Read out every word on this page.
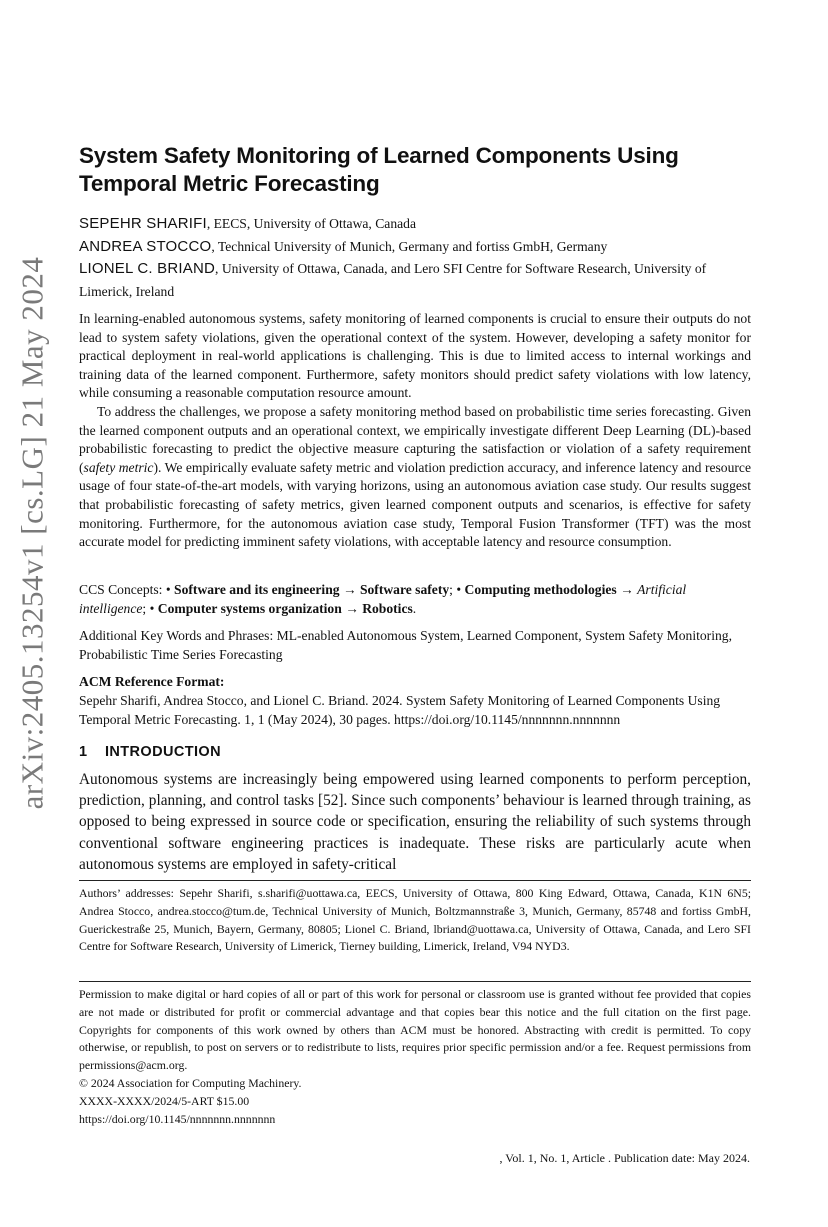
arXiv:2405.13254v1 [cs.LG] 21 May 2024
System Safety Monitoring of Learned Components Using Temporal Metric Forecasting
SEPEHR SHARIFI, EECS, University of Ottawa, Canada
ANDREA STOCCO, Technical University of Munich, Germany and fortiss GmbH, Germany
LIONEL C. BRIAND, University of Ottawa, Canada, and Lero SFI Centre for Software Research, University of Limerick, Ireland

In learning-enabled autonomous systems, safety monitoring of learned components is crucial to ensure their outputs do not lead to system safety violations, given the operational context of the system. However, developing a safety monitor for practical deployment in real-world applications is challenging. This is due to limited access to internal workings and training data of the learned component. Furthermore, safety monitors should predict safety violations with low latency, while consuming a reasonable computation resource amount.

To address the challenges, we propose a safety monitoring method based on probabilistic time series forecasting. Given the learned component outputs and an operational context, we empirically investigate different Deep Learning (DL)-based probabilistic forecasting to predict the objective measure capturing the satisfaction or violation of a safety requirement (safety metric). We empirically evaluate safety metric and violation prediction accuracy, and inference latency and resource usage of four state-of-the-art models, with varying horizons, using an autonomous aviation case study. Our results suggest that probabilistic forecasting of safety metrics, given learned component outputs and scenarios, is effective for safety monitoring. Furthermore, for the autonomous aviation case study, Temporal Fusion Transformer (TFT) was the most accurate model for predicting imminent safety violations, with acceptable latency and resource consumption.

CCS Concepts: • Software and its engineering → Software safety; • Computing methodologies → Artificial intelligence; • Computer systems organization → Robotics.
Additional Key Words and Phrases: ML-enabled Autonomous System, Learned Component, System Safety Monitoring, Probabilistic Time Series Forecasting
ACM Reference Format:
Sepehr Sharifi, Andrea Stocco, and Lionel C. Briand. 2024. System Safety Monitoring of Learned Components Using Temporal Metric Forecasting. 1, 1 (May 2024), 30 pages. https://doi.org/10.1145/nnnnnnn.nnnnnnn
1 INTRODUCTION

Autonomous systems are increasingly being empowered using learned components to perform perception, prediction, planning, and control tasks [52]. Since such components’ behaviour is learned through training, as opposed to being expressed in source code or specification, ensuring the reliability of such systems through conventional software engineering practices is inadequate. These risks are particularly acute when autonomous systems are employed in safety-critical

Authors’ addresses: Sepehr Sharifi, s.sharifi@uottawa.ca, EECS, University of Ottawa, 800 King Edward, Ottawa, Canada, K1N 6N5; Andrea Stocco, andrea.stocco@tum.de, Technical University of Munich, Boltzmannstraße 3, Munich, Germany, 85748 and fortiss GmbH, Guerickestraße 25, Munich, Bayern, Germany, 80805; Lionel C. Briand, lbriand@uottawa.ca, University of Ottawa, Canada, and Lero SFI Centre for Software Research, University of Limerick, Tierney building, Limerick, Ireland, V94 NYD3.

Permission to make digital or hard copies of all or part of this work for personal or classroom use is granted without fee provided that copies are not made or distributed for profit or commercial advantage and that copies bear this notice and the full citation on the first page. Copyrights for components of this work owned by others than ACM must be honored. Abstracting with credit is permitted. To copy otherwise, or republish, to post on servers or to redistribute to lists, requires prior specific permission and/or a fee. Request permissions from permissions@acm.org.

© 2024 Association for Computing Machinery.

XXXX-XXXX/2024/5-ART $15.00

https://doi.org/10.1145/nnnnnnn.nnnnnnn

, Vol. 1, No. 1, Article . Publication date: May 2024.
